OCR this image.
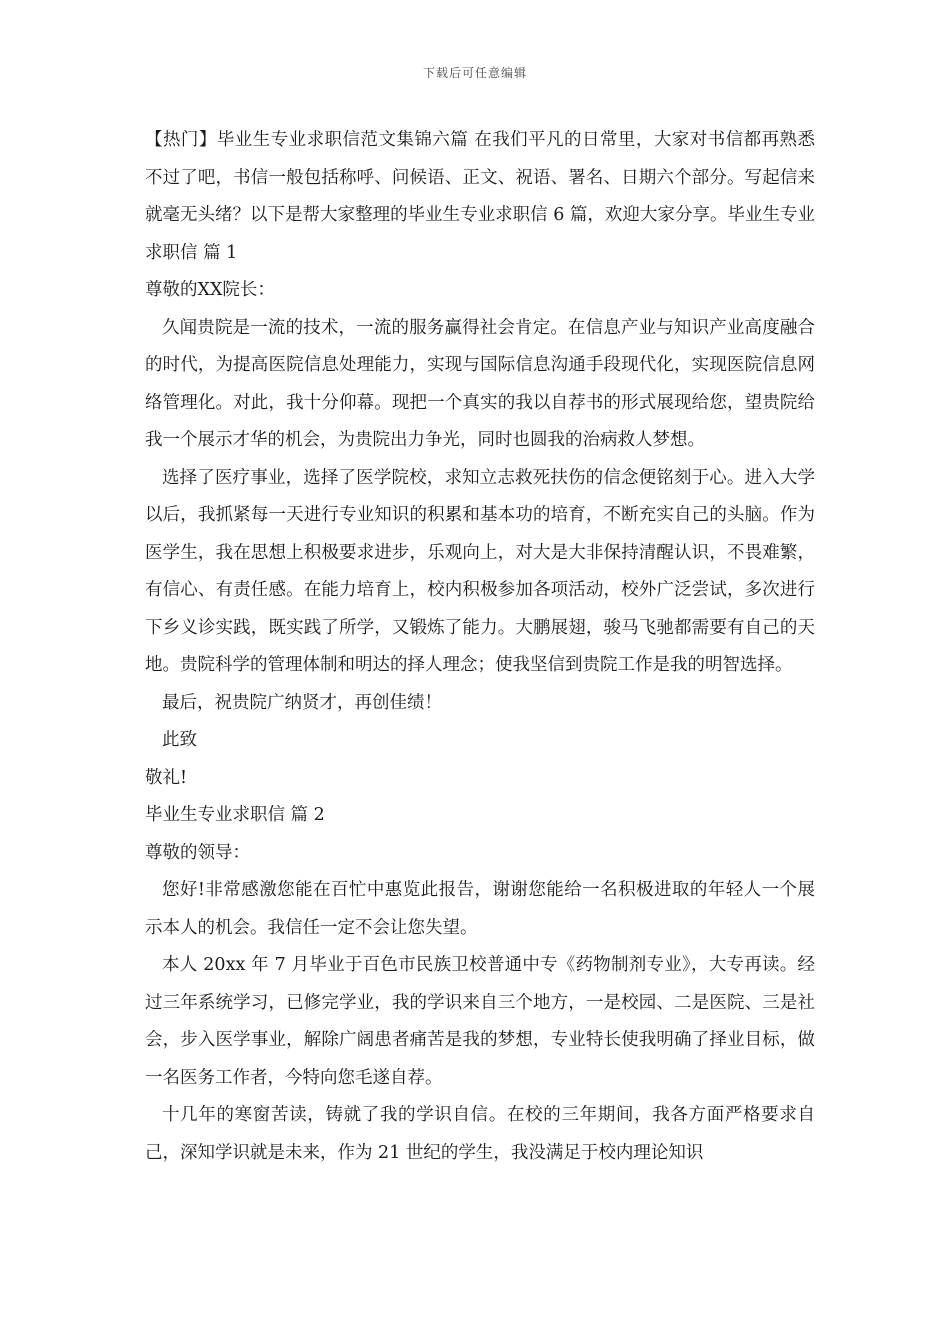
下载后可任意编辑

【热门】毕业生专业求职信范文集锦六篇 在我们平凡的日常里，大家对书信都再熟悉不过了吧，书信一般包括称呼、问候语、正文、祝语、署名、日期六个部分。写起信来就毫无头绪？以下是帮大家整理的毕业生专业求职信 6 篇，欢迎大家分享。毕业生专业求职信 篇 1

尊敬的XX院长：

久闻贵院是一流的技术，一流的服务赢得社会肯定。在信息产业与知识产业高度融合的时代，为提高医院信息处理能力，实现与国际信息沟通手段现代化，实现医院信息网络管理化。对此，我十分仰幕。现把一个真实的我以自荐书的形式展现给您，望贵院给我一个展示才华的机会，为贵院出力争光，同时也圆我的治病救人梦想。

选择了医疗事业，选择了医学院校，求知立志救死扶伤的信念便铭刻于心。进入大学以后，我抓紧每一天进行专业知识的积累和基本功的培育，不断充实自己的头脑。作为医学生，我在思想上积极要求进步，乐观向上，对大是大非保持清醒认识，不畏难繁，有信心、有责任感。在能力培育上，校内积极参加各项活动，校外广泛尝试，多次进行下乡义诊实践，既实践了所学，又锻炼了能力。大鹏展翅，骏马飞驰都需要有自己的天地。贵院科学的管理体制和明达的择人理念；使我坚信到贵院工作是我的明智选择。

最后，祝贵院广纳贤才，再创佳绩！

此致

敬礼!

毕业生专业求职信 篇 2

尊敬的领导：

您好!非常感激您能在百忙中惠览此报告，谢谢您能给一名积极进取的年轻人一个展示本人的机会。我信任一定不会让您失望。

本人 20xx 年 7 月毕业于百色市民族卫校普通中专《药物制剂专业》，大专再读。经过三年系统学习，已修完学业，我的学识来自三个地方，一是校园、二是医院、三是社会，步入医学事业，解除广阔患者痛苦是我的梦想，专业特长使我明确了择业目标，做一名医务工作者，今特向您毛遂自荐。

十几年的寒窗苦读，铸就了我的学识自信。在校的三年期间，我各方面严格要求自己，深知学识就是未来，作为 21 世纪的学生，我没满足于校内理论知识
